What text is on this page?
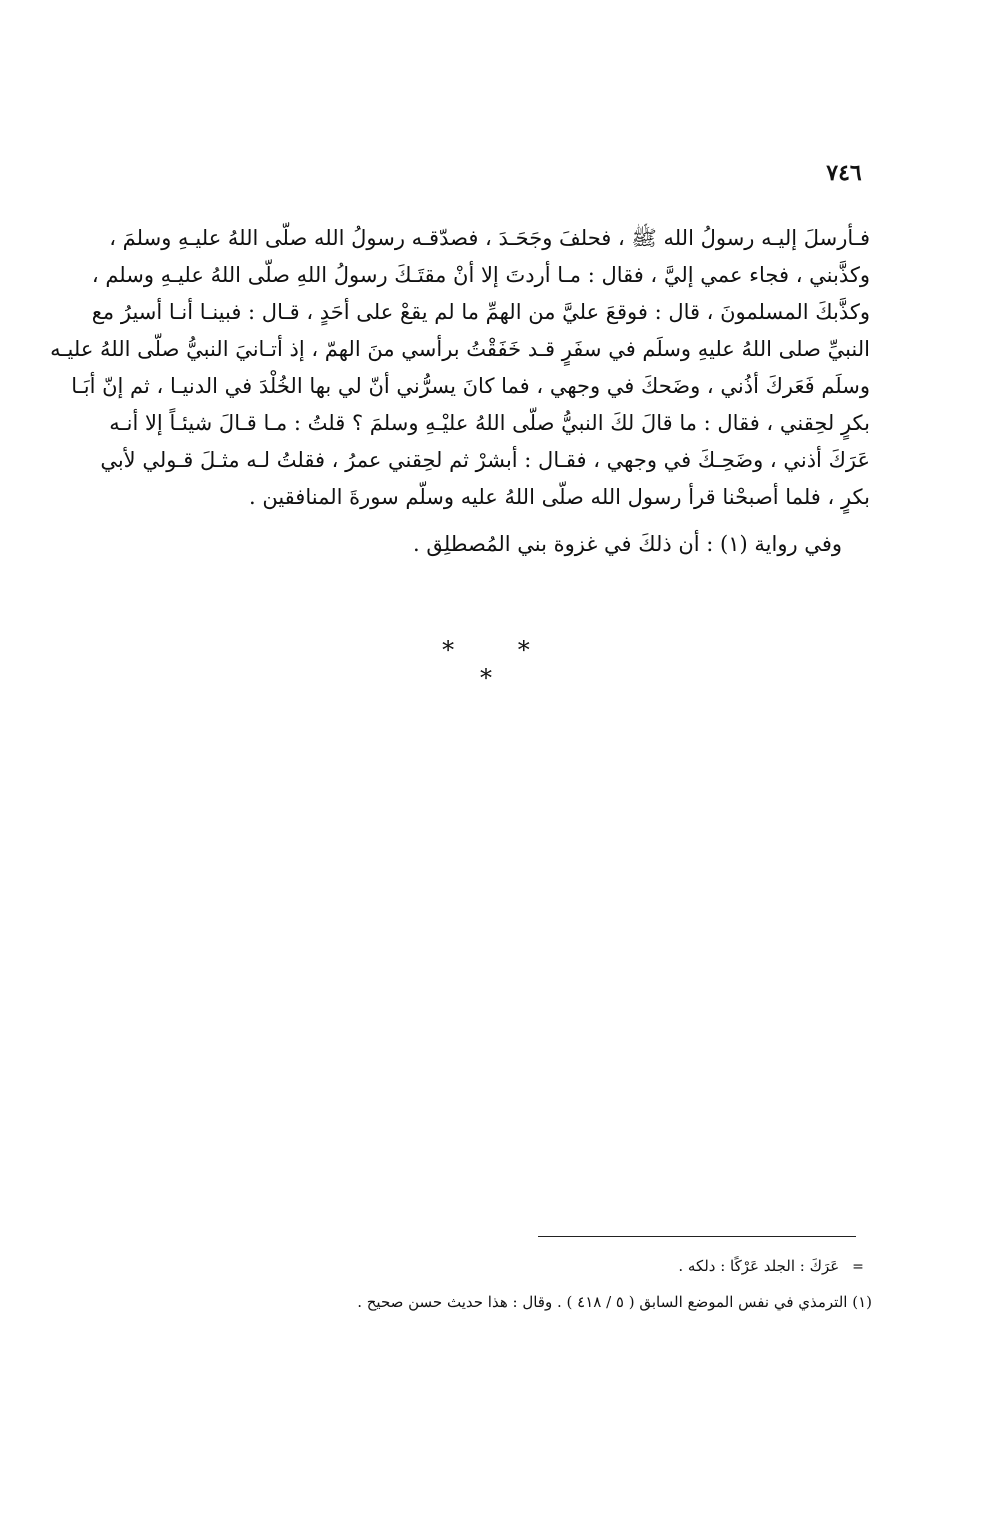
٧٤٦
فـأرسلَ إليـه رسولُ الله ﷺ ، فحلفَ وجَحَـدَ ، فصدّقـه رسولُ الله صلّى اللهُ عليـهِ وسلمَ ،
وكذَّبني ، فجاء عمي إليَّ ، فقال : مـا أردتَ إلا أنْ مقتَـكَ رسولُ اللهِ صلّى اللهُ عليـهِ وسلم ،
وكذَّبكَ المسلمونَ ، قال : فوقعَ عليَّ من الهمِّ ما لم يقعْ على أحَدٍ ، قـال : فبينـا أنـا أسيرُ مع
النبيِّ صلى اللهُ عليهِ وسلَم في سفَرٍ قـد خَفَقْتُ برأسي منَ الهمّ ، إذ أتـانيَ النبيُّ صلّى اللهُ عليـه
وسلَم فَعَركَ أذُني ، وضَحكَ في وجهي ، فما كانَ يسرُّني أنّ لي بها الخُلْدَ في الدنيـا ، ثم إنّ أبَـا
بكرٍ لحِقني ، فقال : ما قالَ لكَ النبيُّ صلّى اللهُ عليْـهِ وسلمَ ؟ قلتُ : مـا قـالَ شيئـاً إلا أنـه
عَرَكَ أذني ، وضَحِـكَ في وجهي ، فقـال : أبشرْ ثم لحِقني عمرُ ، فقلتُ لـه مثـلَ قـولي لأبي
بكرٍ ، فلما أصبحْنا قرأ رسول الله صلّى اللهُ عليه وسلّم سورةَ المنافقين .
وفي رواية (١) : أن ذلكَ في غزوة بني المُصطلِق .
* * *
= عَرَكَ : الجلد عَرْكًا : دلكه .
(١) الترمذي في نفس الموضع السابق ( ٥ / ٤١٨ ) . وقال : هذا حديث حسن صحيح .
